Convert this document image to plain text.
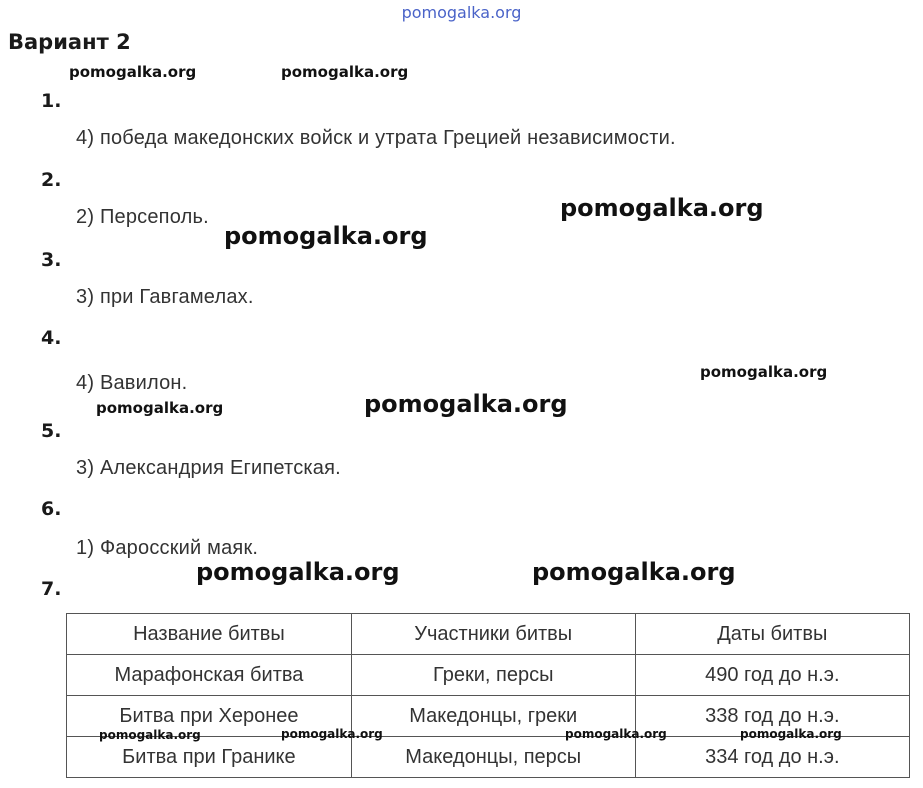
pomogalka.org
Вариант 2
pomogalka.org	pomogalka.org
pomogalka.org
pomogalka.org
pomogalka.org
pomogalka.org	pomogalka.org
pomogalka.org	pomogalka.org
1.
4) победа македонских войск и утрата Грецией независимости.
2.
2) Персеполь.
3.
3) при Гавгамелах.
4.
4) Вавилон.
5.
3) Александрия Египетская.
6.
1) Фаросский маяк.
7.
Название битвы	Участники битвы	Даты битвы
Марафонская битва	Греки, персы	490 год до н.э.
Битва при Херонее	Македонцы, греки	338 год до н.э.
Битва при Гранике	Македонцы, персы	334 год до н.э.
pomogalka.org	pomogalka.org	pomogalka.org	pomogalka.org
